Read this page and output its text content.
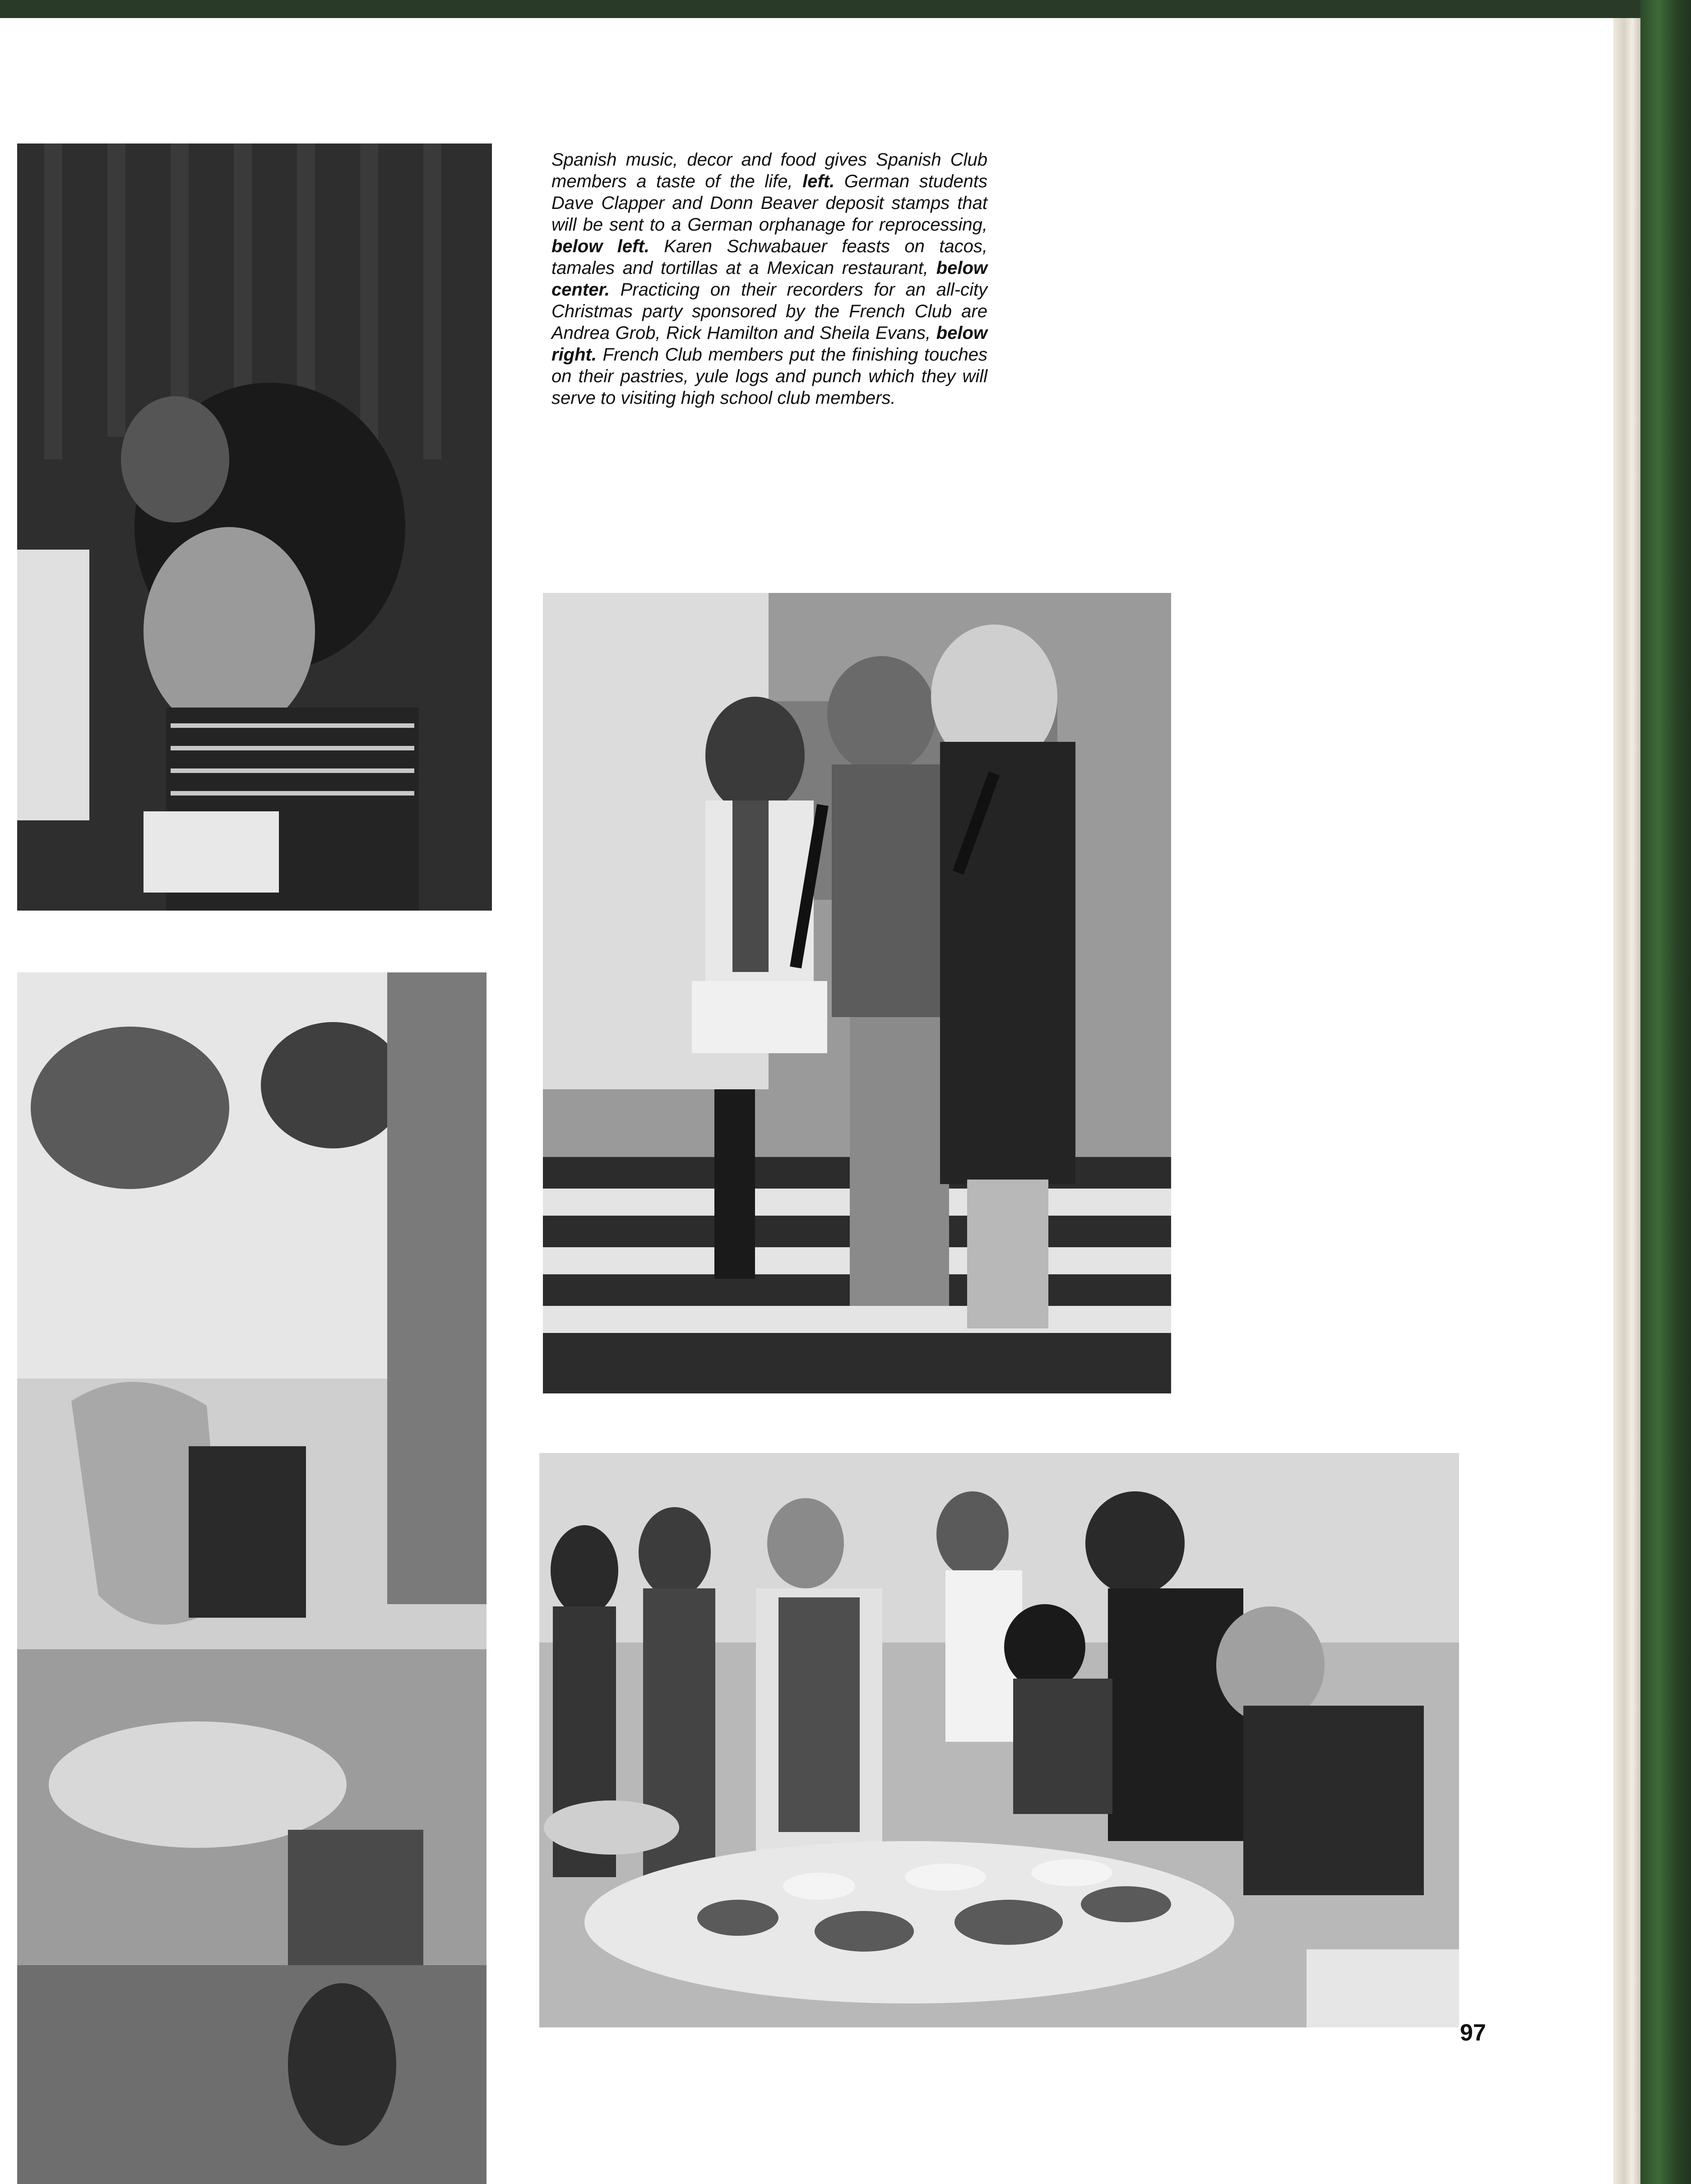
Spanish music, decor and food gives Spanish Club members a taste of the life, left. German students Dave Clapper and Donn Beaver deposit stamps that will be sent to a German orphanage for reprocessing, below left. Karen Schwabauer feasts on tacos, tamales and tortillas at a Mexican restaurant, below center. Practicing on their recorders for an all-city Christmas party sponsored by the French Club are Andrea Grob, Rick Hamilton and Sheila Evans, below right. French Club members put the finishing touches on their pastries, yule logs and punch which they will serve to visiting high school club members.

97
